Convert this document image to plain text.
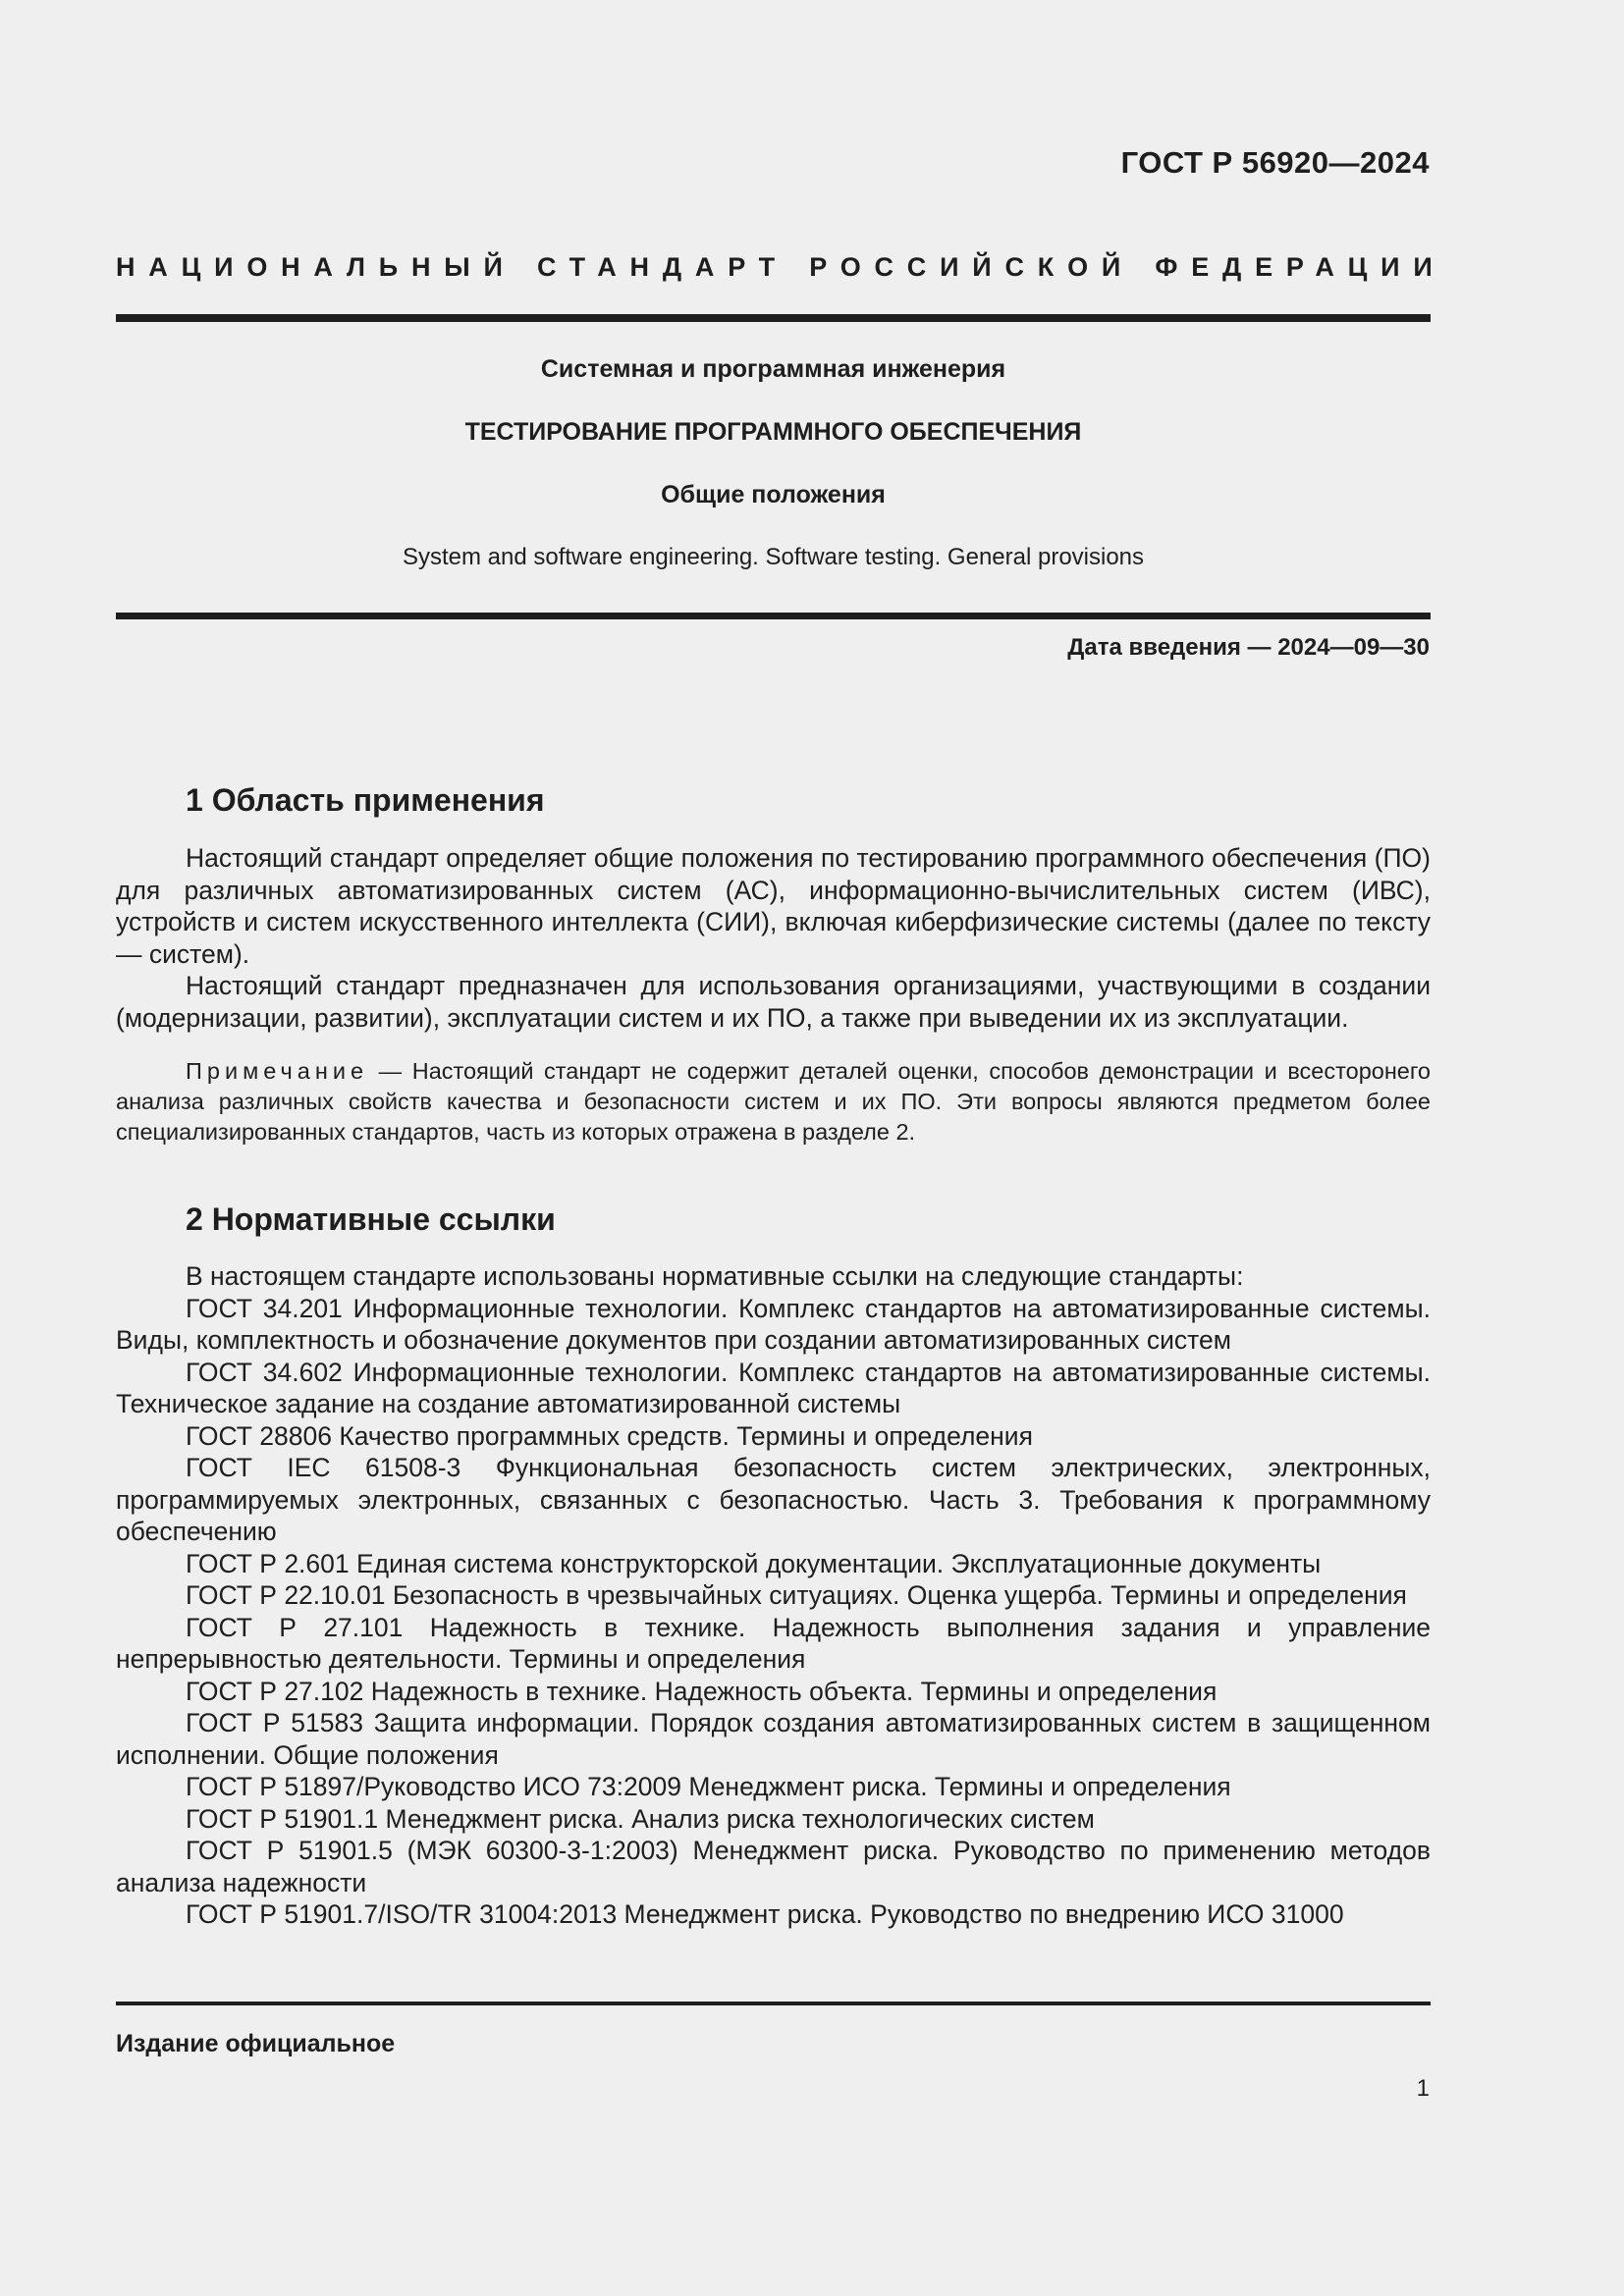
ГОСТ Р 56920—2024
НАЦИОНАЛЬНЫЙ СТАНДАРТ РОССИЙСКОЙ ФЕДЕРАЦИИ
Системная и программная инженерия
ТЕСТИРОВАНИЕ ПРОГРАММНОГО ОБЕСПЕЧЕНИЯ
Общие положения
System and software engineering. Software testing. General provisions
Дата введения — 2024—09—30
1 Область применения

Настоящий стандарт определяет общие положения по тестированию программного обеспечения (ПО) для различных автоматизированных систем (АС), информационно-вычислительных систем (ИВС), устройств и систем искусственного интеллекта (СИИ), включая киберфизические системы (далее по тексту — систем).

Настоящий стандарт предназначен для использования организациями, участвующими в создании (модернизации, развитии), эксплуатации систем и их ПО, а также при выведении их из эксплуатации.

Примечание — Настоящий стандарт не содержит деталей оценки, способов демонстрации и всесторонего анализа различных свойств качества и безопасности систем и их ПО. Эти вопросы являются предметом более специализированных стандартов, часть из которых отражена в разделе 2.

2 Нормативные ссылки

В настоящем стандарте использованы нормативные ссылки на следующие стандарты:

ГОСТ 34.201 Информационные технологии. Комплекс стандартов на автоматизированные системы. Виды, комплектность и обозначение документов при создании автоматизированных систем

ГОСТ 34.602 Информационные технологии. Комплекс стандартов на автоматизированные системы. Техническое задание на создание автоматизированной системы

ГОСТ 28806 Качество программных средств. Термины и определения

ГОСТ IEC 61508-3 Функциональная безопасность систем электрических, электронных, программируемых электронных, связанных с безопасностью. Часть 3. Требования к программному обеспечению

ГОСТ Р 2.601 Единая система конструкторской документации. Эксплуатационные документы

ГОСТ Р 22.10.01 Безопасность в чрезвычайных ситуациях. Оценка ущерба. Термины и определения

ГОСТ Р 27.101 Надежность в технике. Надежность выполнения задания и управление непрерывностью деятельности. Термины и определения

ГОСТ Р 27.102 Надежность в технике. Надежность объекта. Термины и определения

ГОСТ Р 51583 Защита информации. Порядок создания автоматизированных систем в защищенном исполнении. Общие положения

ГОСТ Р 51897/Руководство ИСО 73:2009 Менеджмент риска. Термины и определения

ГОСТ Р 51901.1 Менеджмент риска. Анализ риска технологических систем

ГОСТ Р 51901.5 (МЭК 60300-3-1:2003) Менеджмент риска. Руководство по применению методов анализа надежности

ГОСТ Р 51901.7/ISO/TR 31004:2013 Менеджмент риска. Руководство по внедрению ИСО 31000

Издание официальное
1
